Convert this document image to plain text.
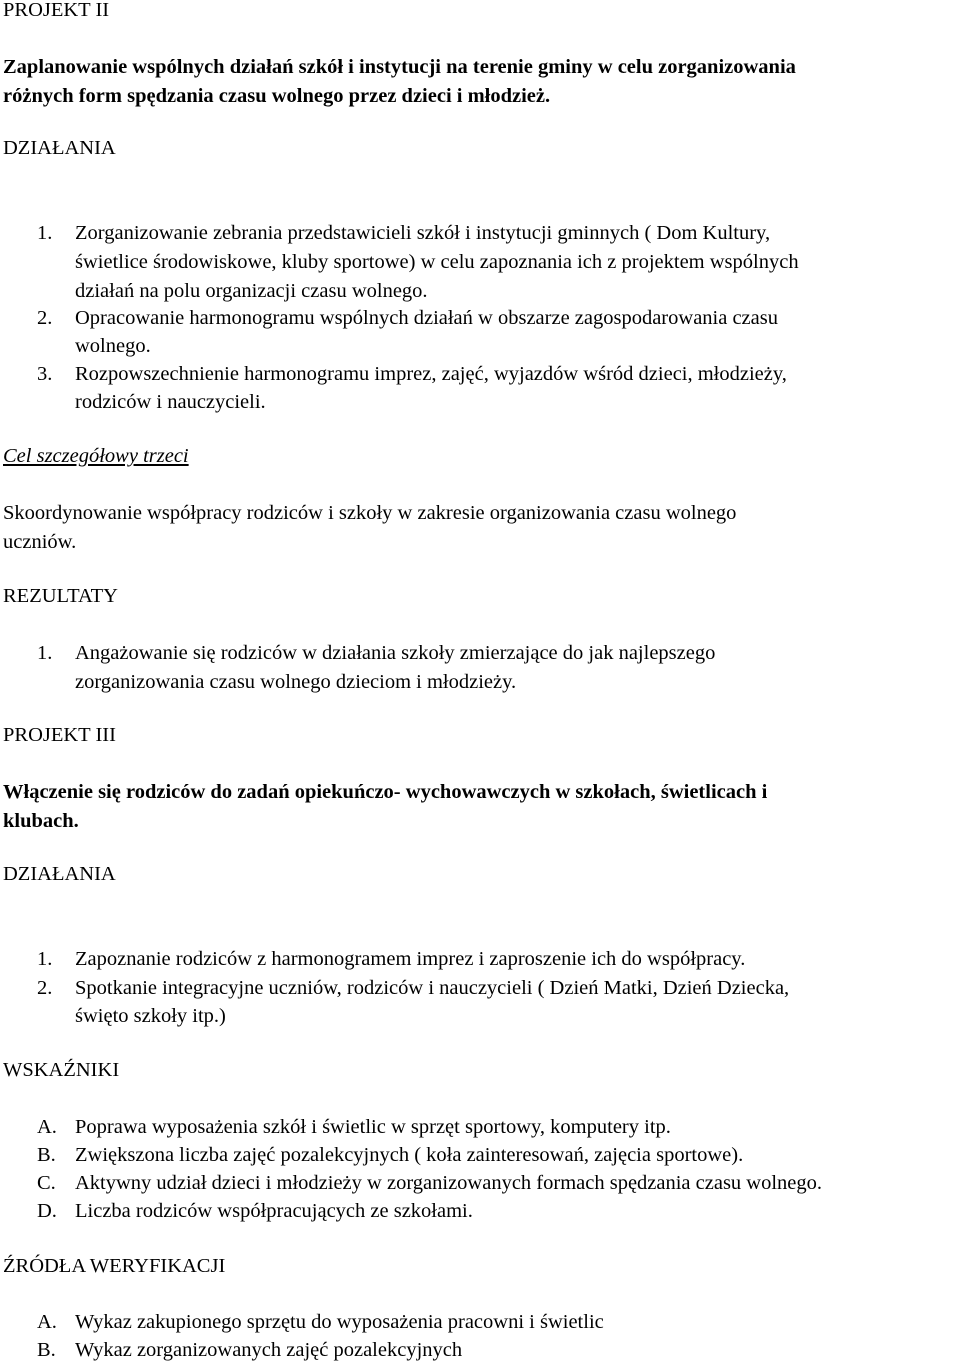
PROJEKT II
Zaplanowanie wspólnych działań szkół i instytucji na terenie gminy w celu zorganizowania
różnych form spędzania czasu wolnego przez dzieci i młodzież.
DZIAŁANIA
1. Zorganizowanie zebrania przedstawicieli szkół i instytucji gminnych ( Dom Kultury,
świetlice środowiskowe, kluby sportowe) w celu zapoznania ich z projektem wspólnych
działań na polu organizacji czasu wolnego.
2. Opracowanie harmonogramu wspólnych działań w obszarze zagospodarowania czasu
wolnego.
3. Rozpowszechnienie harmonogramu imprez, zajęć, wyjazdów wśród dzieci, młodzieży,
rodziców i nauczycieli.
Cel szczegółowy trzeci
Skoordynowanie współpracy rodziców i szkoły w zakresie organizowania czasu wolnego
uczniów.
REZULTATY
1. Angażowanie się rodziców w działania szkoły zmierzające do jak najlepszego
zorganizowania czasu wolnego dzieciom i młodzieży.
PROJEKT III
Włączenie się rodziców do zadań opiekuńczo- wychowawczych w szkołach, świetlicach i
klubach.
DZIAŁANIA
1. Zapoznanie rodziców z harmonogramem imprez i zaproszenie ich do współpracy.
2. Spotkanie integracyjne uczniów, rodziców i nauczycieli ( Dzień Matki, Dzień Dziecka,
święto szkoły itp.)
WSKAŹNIKI
A. Poprawa wyposażenia szkół i świetlic w sprzęt sportowy, komputery itp.
B. Zwiększona liczba zajęć pozalekcyjnych ( koła zainteresowań, zajęcia sportowe).
C. Aktywny udział dzieci i młodzieży w zorganizowanych formach spędzania czasu wolnego.
D. Liczba rodziców współpracujących ze szkołami.
ŹRÓDŁA WERYFIKACJI
A. Wykaz zakupionego sprzętu do wyposażenia pracowni i świetlic
B. Wykaz zorganizowanych zajęć pozalekcyjnych
